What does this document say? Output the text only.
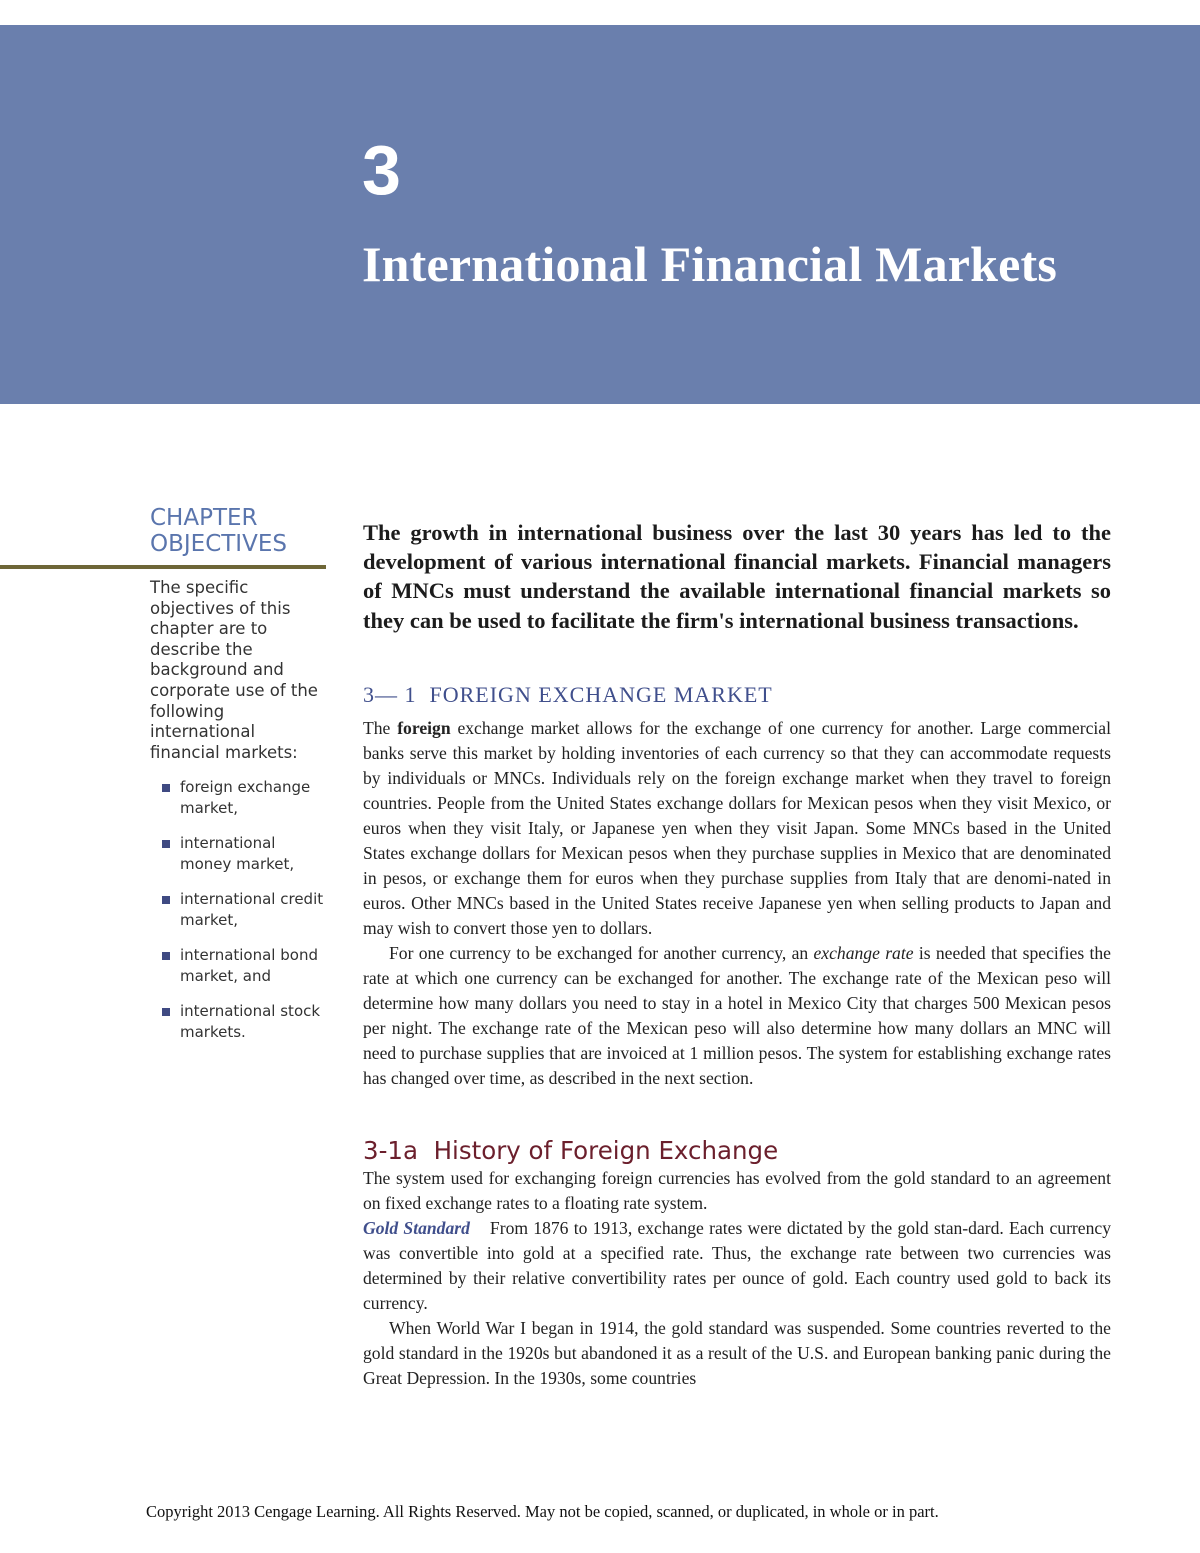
3
International Financial Markets
CHAPTER
OBJECTIVES
The specific objectives of this chapter are to describe the background and corporate use of the following international financial markets:
foreign exchange market,
international money market,
international credit market,
international bond market, and
international stock markets.

The growth in international business over the last 30 years has led to the development of various international financial markets. Financial managers of MNCs must understand the available international financial markets so they can be used to facilitate the firm's international business transactions.

3— 1  FOREIGN EXCHANGE MARKET

The foreign exchange market allows for the exchange of one currency for another. Large commercial banks serve this market by holding inventories of each currency so that they can accommodate requests by individuals or MNCs. Individuals rely on the foreign exchange market when they travel to foreign countries. People from the United States exchange dollars for Mexican pesos when they visit Mexico, or euros when they visit Italy, or Japanese yen when they visit Japan. Some MNCs based in the United States exchange dollars for Mexican pesos when they purchase supplies in Mexico that are denominated in pesos, or exchange them for euros when they purchase supplies from Italy that are denomi-nated in euros. Other MNCs based in the United States receive Japanese yen when selling products to Japan and may wish to convert those yen to dollars.

For one currency to be exchanged for another currency, an exchange rate is needed that specifies the rate at which one currency can be exchanged for another. The exchange rate of the Mexican peso will determine how many dollars you need to stay in a hotel in Mexico City that charges 500 Mexican pesos per night. The exchange rate of the Mexican peso will also determine how many dollars an MNC will need to purchase supplies that are invoiced at 1 million pesos. The system for establishing exchange rates has changed over time, as described in the next section.

3-1a  History of Foreign Exchange

The system used for exchanging foreign currencies has evolved from the gold standard to an agreement on fixed exchange rates to a floating rate system.

Gold Standard From 1876 to 1913, exchange rates were dictated by the gold stan-dard. Each currency was convertible into gold at a specified rate. Thus, the exchange rate between two currencies was determined by their relative convertibility rates per ounce of gold. Each country used gold to back its currency.

When World War I began in 1914, the gold standard was suspended. Some countries reverted to the gold standard in the 1920s but abandoned it as a result of the U.S. and European banking panic during the Great Depression. In the 1930s, some countries

Copyright 2013 Cengage Learning. All Rights Reserved. May not be copied, scanned, or duplicated, in whole or in part.
